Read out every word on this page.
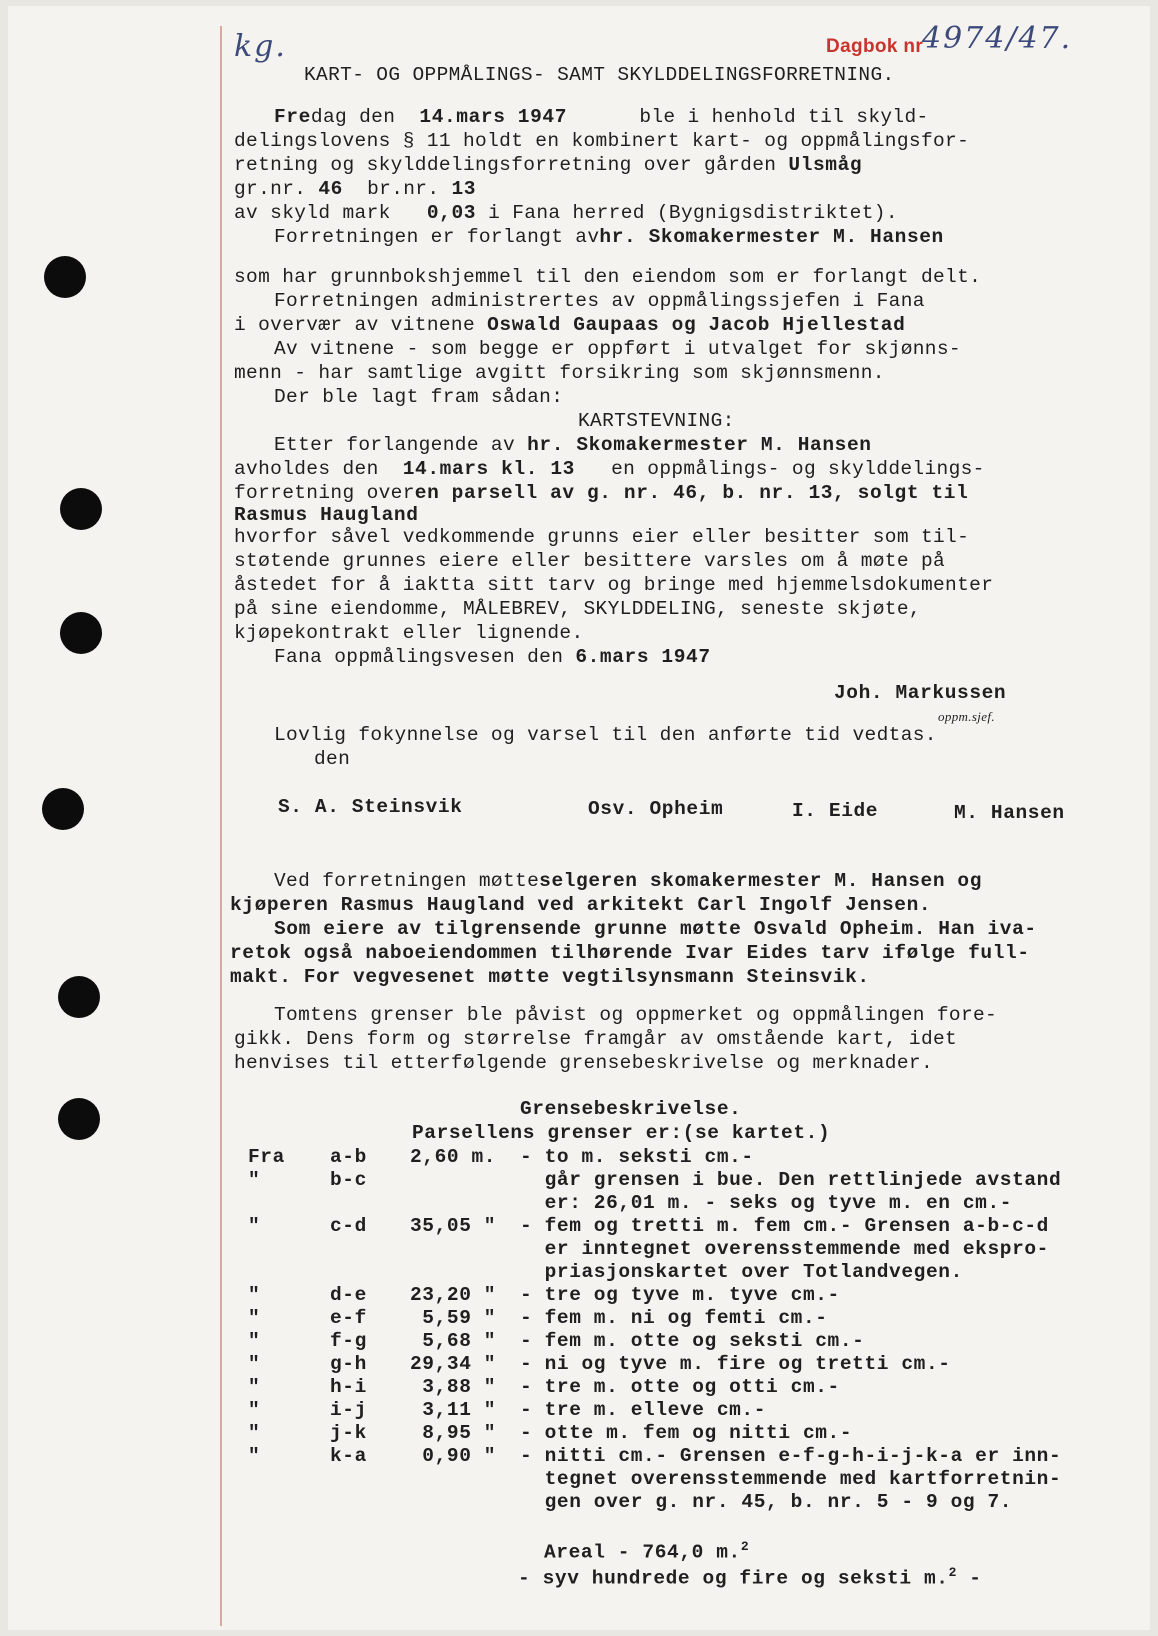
kg.
KART- OG OPPMÅLINGS- SAMT SKYLDDELINGSFORRETNING.
Dagbok nr
4974/47.
Fredag den 14.mars 1947	ble i henhold til skyld-
delingslovens § 11 holdt en kombinert kart- og oppmålingsfor-
retning og skylddelingsforretning over gården Ulsmåg
gr.nr. 46 br.nr. 13
av skyld mark 0,03 i Fana herred (Bygnigsdistriktet).
Forretningen er forlangt avhr. Skomakermester M. Hansen
som har grunnbokshjemmel til den eiendom som er forlangt delt.
Forretningen administrertes av oppmålingssjefen i Fana
i overvær av vitnene Oswald Gaupaas og Jacob Hjellestad
Av vitnene - som begge er oppført i utvalget for skjønns-
menn - har samtlige avgitt forsikring som skjønnsmenn.
Der ble lagt fram sådan:
KARTSTEVNING:
Etter forlangende av hr. Skomakermester M. Hansen
avholdes den 14.mars kl. 13 en oppmålings- og skylddelings-
forretning overen parsell av g. nr. 46, b. nr. 13, solgt til
Rasmus Haugland
hvorfor såvel vedkommende grunns eier eller besitter som til-
støtende grunnes eiere eller besittere varsles om å møte på
åstedet for å iaktta sitt tarv og bringe med hjemmelsdokumenter
på sine eiendomme, MÅLEBREV, SKYLDDELING, seneste skjøte,
kjøpekontrakt eller lignende.
Fana oppmålingsvesen den 6.mars 1947
Joh. Markussen
oppm.sjef.
Lovlig fokynnelse og varsel til den anførte tid vedtas.
den
S. A. Steinsvik	Osv. Opheim	I. Eide	M. Hansen
Ved forretningen møtteselgeren skomakermester M. Hansen og
kjøperen Rasmus Haugland ved arkitekt Carl Ingolf Jensen.
Som eiere av tilgrensende grunne møtte Osvald Opheim. Han iva-
retok også naboeiendommen tilhørende Ivar Eides tarv ifølge full-
makt. For vegvesenet møtte vegtilsynsmann Steinsvik.
Tomtens grenser ble påvist og oppmerket og oppmålingen fore-
gikk. Dens form og størrelse framgår av omstående kart, idet
henvises til etterfølgende grensebeskrivelse og merknader.
Grensebeskrivelse.
Parsellens grenser er:(se kartet.)
Fra a-b 2,60 m. - to m. seksti cm.-
"	b-c	går grensen i bue. Den rettlinjede avstand
er: 26,01 m. - seks og tyve m. en cm.-
"	c-d 35,05 " - fem og tretti m. fem cm.- Grensen a-b-c-d
er inntegnet overensstemmende med ekspro-
priasjonskartet over Totlandvegen.
"	d-e 23,20 " - tre og tyve m. tyve cm.-
"	e-f 5,59 " - fem m. ni og femti cm.-
"	f-g 5,68 " - fem m. otte og seksti cm.-
"	g-h 29,34 " - ni og tyve m. fire og tretti cm.-
"	h-i 3,88 " - tre m. otte og otti cm.-
"	i-j 3,11 " - tre m. elleve cm.-
"	j-k 8,95 " - otte m. fem og nitti cm.-
"	k-a 0,90 " - nitti cm.- Grensen e-f-g-h-i-j-k-a er inn-
tegnet overensstemmende med kartforretnin-
gen over g. nr. 45, b. nr. 5 - 9 og 7.
Areal - 764,0 m.$^2$
- syv hundrede og fire og seksti m.$^2$ -
